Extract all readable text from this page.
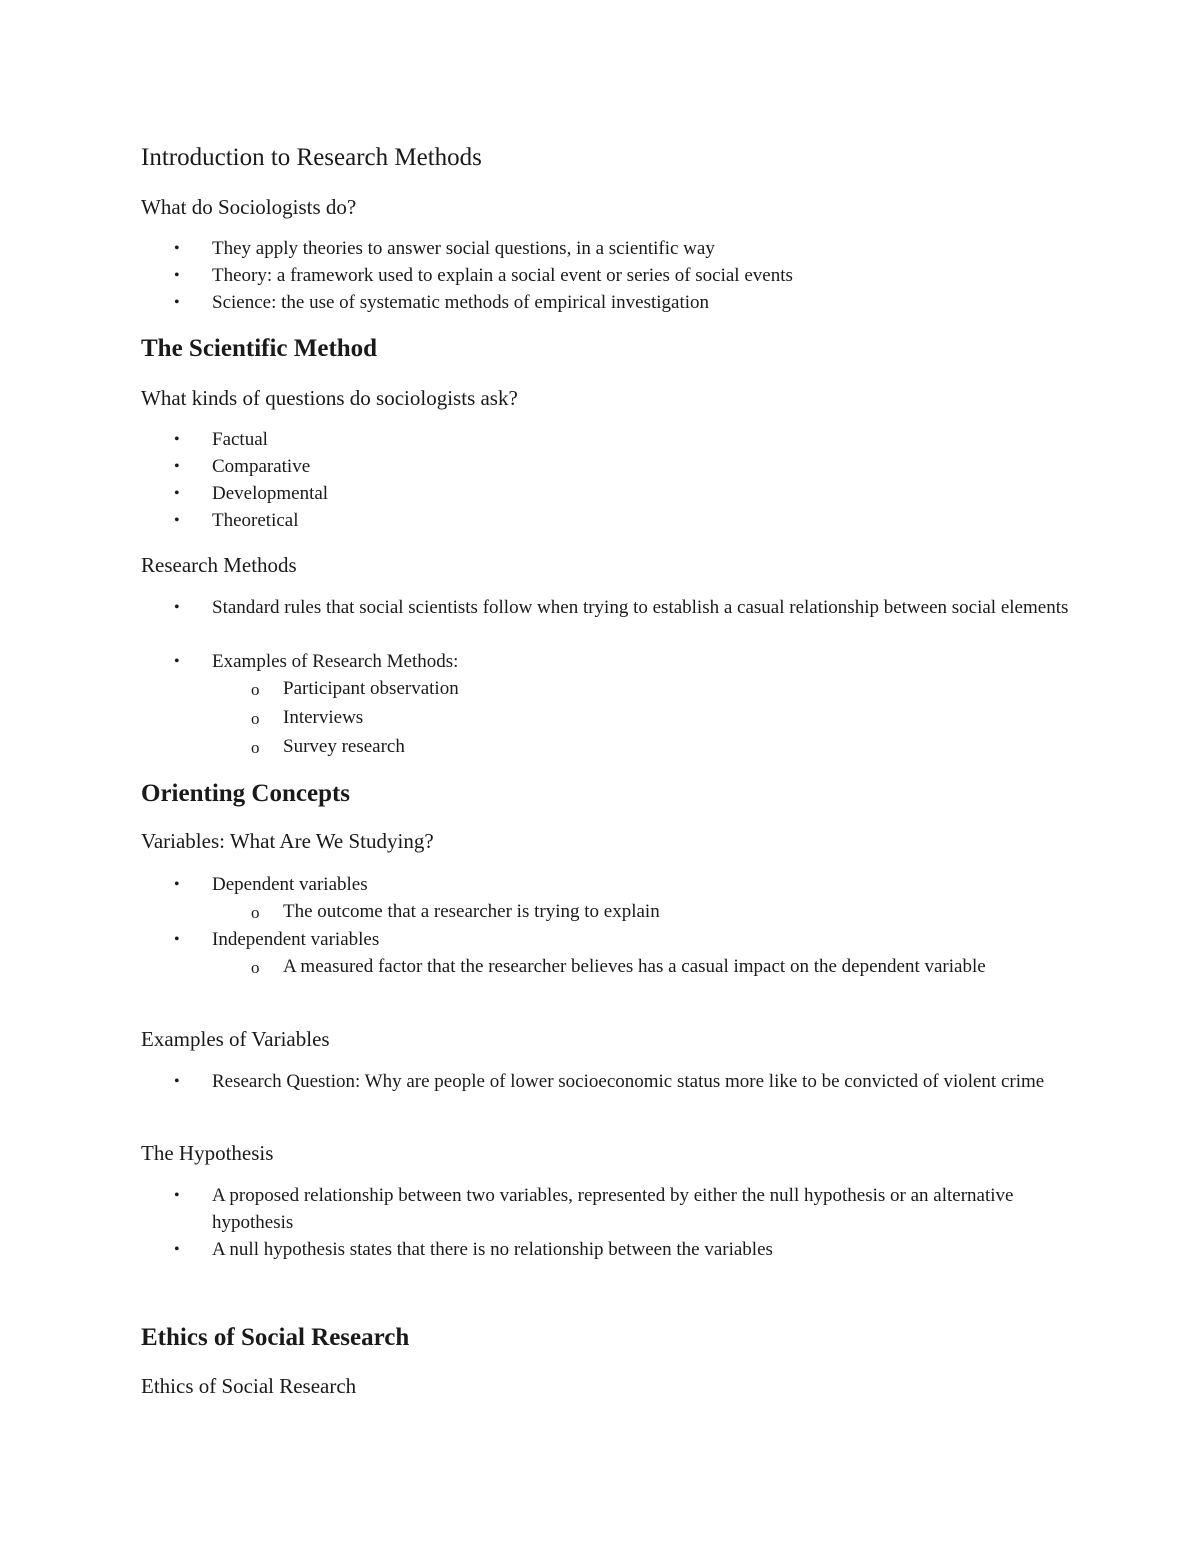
Introduction to Research Methods
What do Sociologists do?
• They apply theories to answer social questions, in a scientific way
• Theory: a framework used to explain a social event or series of social events
• Science: the use of systematic methods of empirical investigation
The Scientific Method
What kinds of questions do sociologists ask?
• Factual
• Comparative
• Developmental
• Theoretical
Research Methods
• Standard rules that social scientists follow when trying to establish a casual relationship between social elements
• Examples of Research Methods:
o Participant observation
o Interviews
o Survey research
Orienting Concepts
Variables: What Are We Studying?
• Dependent variables
o The outcome that a researcher is trying to explain
• Independent variables
o A measured factor that the researcher believes has a casual impact on the dependent variable
Examples of Variables
• Research Question: Why are people of lower socioeconomic status more like to be convicted of violent crime
The Hypothesis
• A proposed relationship between two variables, represented by either the null hypothesis or an alternative hypothesis
• A null hypothesis states that there is no relationship between the variables
Ethics of Social Research
Ethics of Social Research
